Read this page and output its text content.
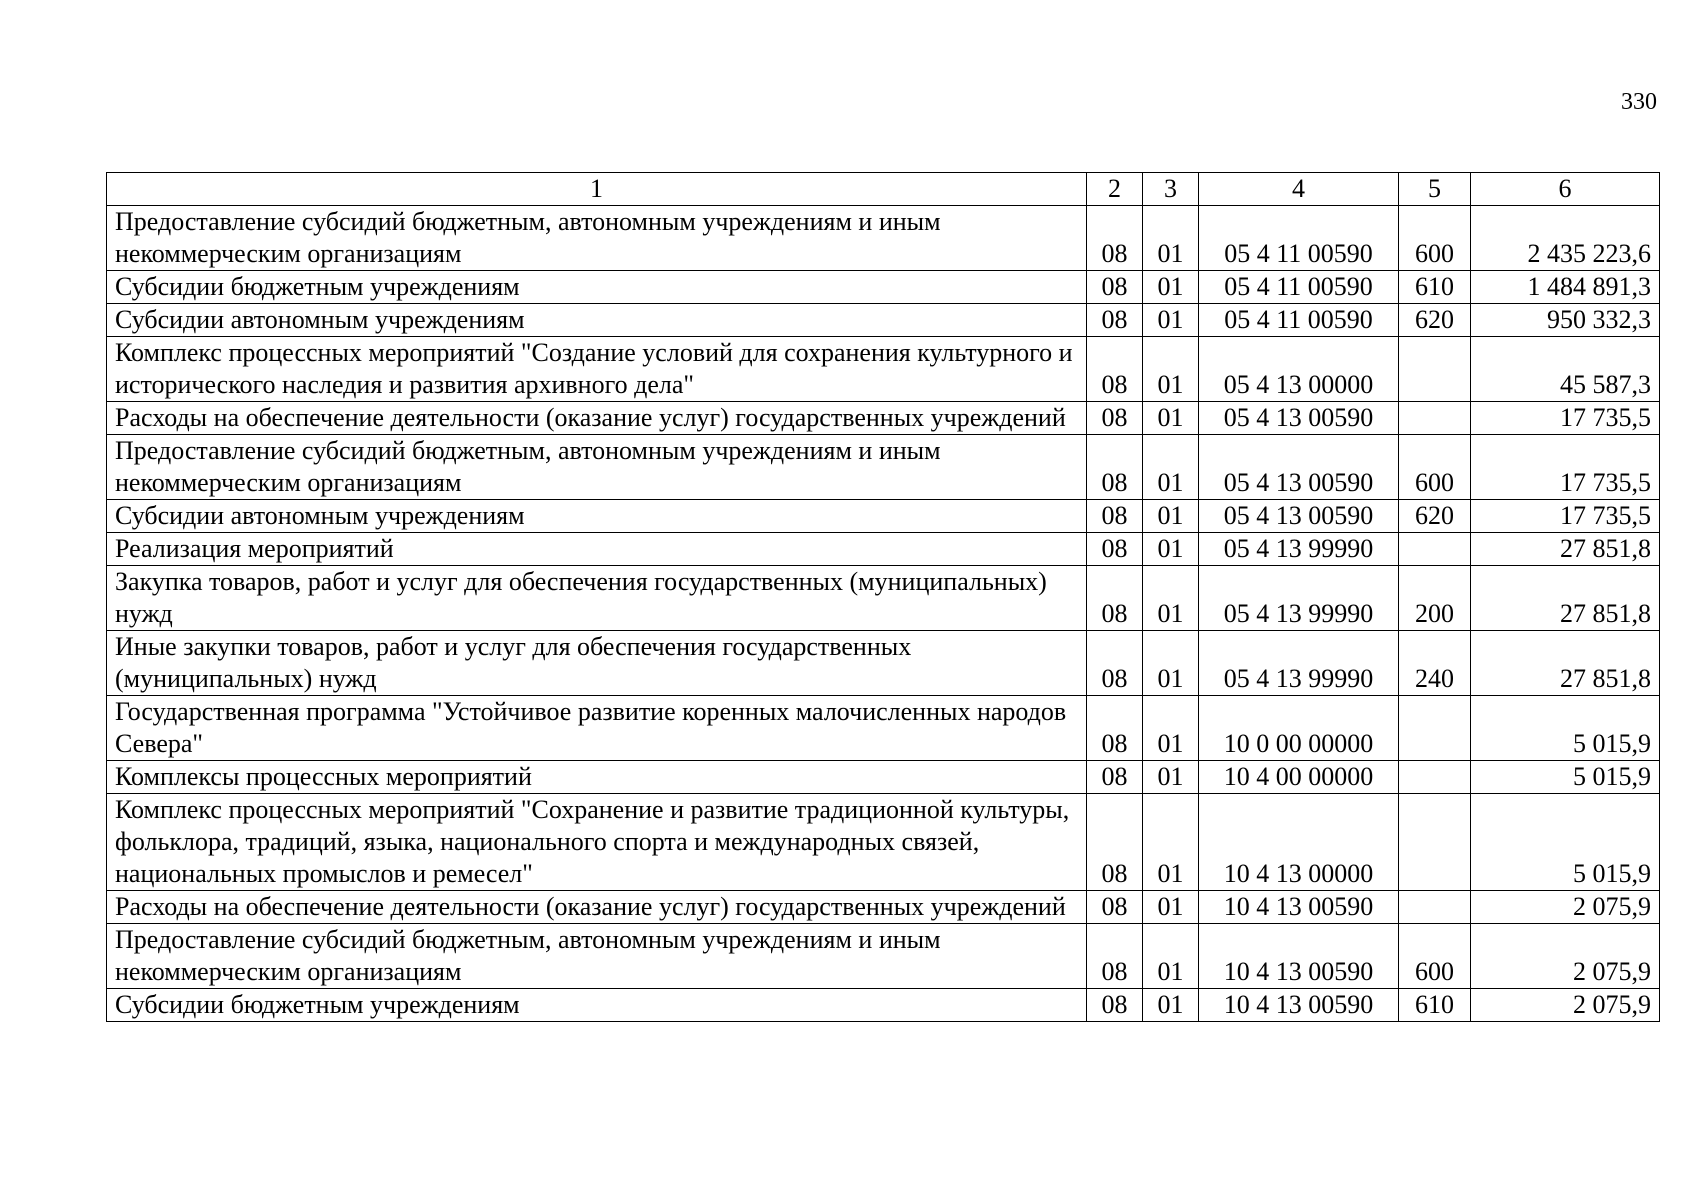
330
1	2	3	4	5	6
Предоставление субсидий бюджетным, автономным учреждениям и иным некоммерческим организациям	08	01	05 4 11 00590	600	2 435 223,6
Субсидии бюджетным учреждениям	08	01	05 4 11 00590	610	1 484 891,3
Субсидии автономным учреждениям	08	01	05 4 11 00590	620	950 332,3
Комплекс процессных мероприятий "Создание условий для сохранения культурного и исторического наследия и развития архивного дела"	08	01	05 4 13 00000		45 587,3
Расходы на обеспечение деятельности (оказание услуг) государственных учреждений	08	01	05 4 13 00590		17 735,5
Предоставление субсидий бюджетным, автономным учреждениям и иным некоммерческим организациям	08	01	05 4 13 00590	600	17 735,5
Субсидии автономным учреждениям	08	01	05 4 13 00590	620	17 735,5
Реализация мероприятий	08	01	05 4 13 99990		27 851,8
Закупка товаров, работ и услуг для обеспечения государственных (муниципальных) нужд	08	01	05 4 13 99990	200	27 851,8
Иные закупки товаров, работ и услуг для обеспечения государственных (муниципальных) нужд	08	01	05 4 13 99990	240	27 851,8
Государственная программа "Устойчивое развитие коренных малочисленных народов Севера"	08	01	10 0 00 00000		5 015,9
Комплексы процессных мероприятий	08	01	10 4 00 00000		5 015,9
Комплекс процессных мероприятий "Сохранение и развитие традиционной культуры, фольклора, традиций, языка, национального спорта и международных связей, национальных промыслов и ремесел"	08	01	10 4 13 00000		5 015,9
Расходы на обеспечение деятельности (оказание услуг) государственных учреждений	08	01	10 4 13 00590		2 075,9
Предоставление субсидий бюджетным, автономным учреждениям и иным некоммерческим организациям	08	01	10 4 13 00590	600	2 075,9
Субсидии бюджетным учреждениям	08	01	10 4 13 00590	610	2 075,9
